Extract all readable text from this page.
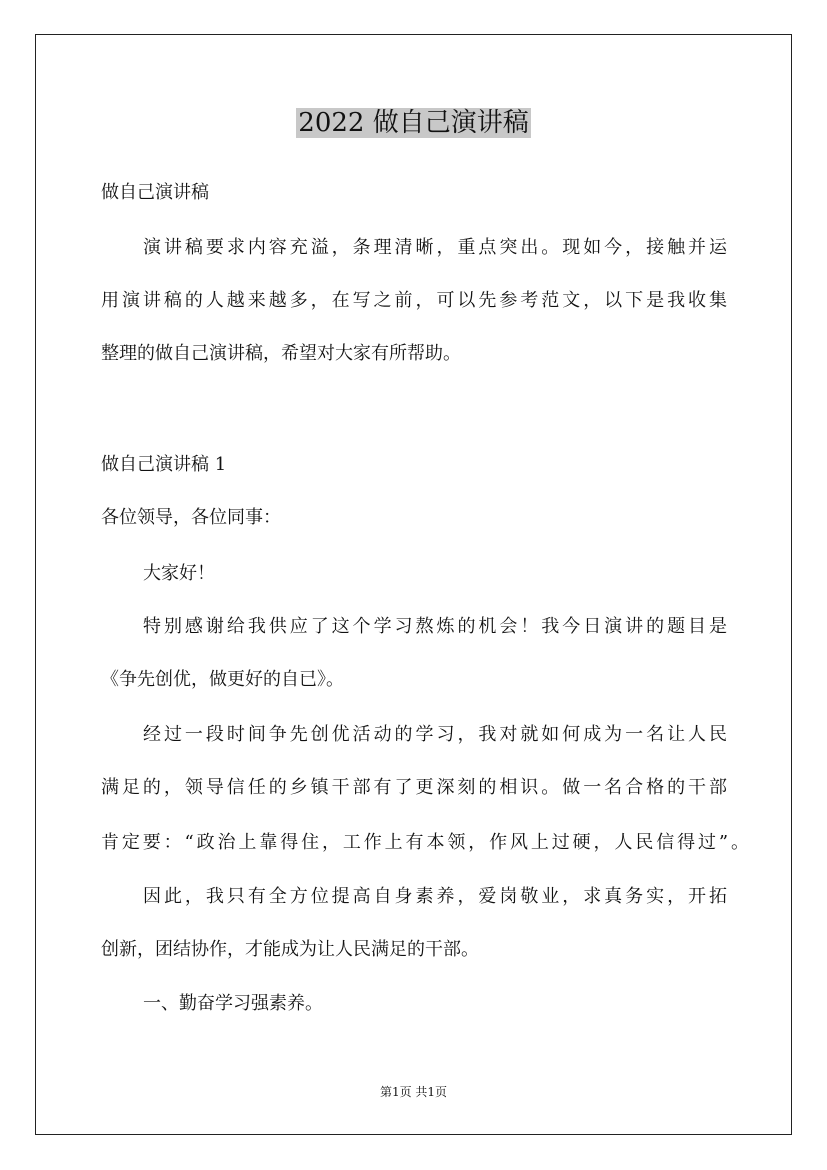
2022 做自己演讲稿
做自己演讲稿
演讲稿要求内容充溢，条理清晰，重点突出。现如今，接触并运
用演讲稿的人越来越多，在写之前，可以先参考范文，以下是我收集
整理的做自己演讲稿，希望对大家有所帮助。
做自己演讲稿 1
各位领导，各位同事：
大家好！
特别感谢给我供应了这个学习熬炼的机会！我今日演讲的题目是
《争先创优，做更好的自已》。
经过一段时间争先创优活动的学习，我对就如何成为一名让人民
满足的，领导信任的乡镇干部有了更深刻的相识。做一名合格的干部
肯定要：“政治上靠得住，工作上有本领，作风上过硬，人民信得过”。
因此，我只有全方位提高自身素养，爱岗敬业，求真务实，开拓
创新，团结协作，才能成为让人民满足的干部。
一、勤奋学习强素养。
第1页 共1页
